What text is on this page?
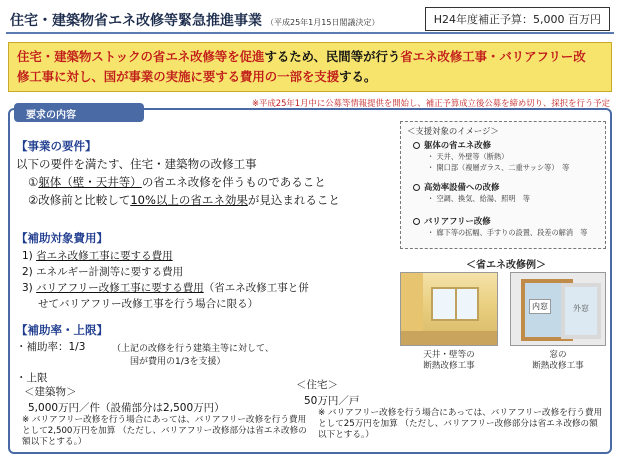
住宅・建築物省エネ改修等緊急推進事業 （平成25年1月15日閣議決定）	H24年度補正予算：5,000 百万円

住宅・建築物ストックの省エネ改修等を促進するため、民間等が行う省エネ改修工事・バリアフリー改

修工事に対し、国が事業の実施に要する費用の一部を支援する。

※平成25年1月中に公募等情報提供を開始し、補正予算成立後公募を締め切り、採択を行う予定
要求の内容
【事業の要件】
以下の要件を満たす、住宅・建築物の改修工事
①躯体（壁・天井等）の省エネ改修を伴うものであること
②改修前と比較して10%以上の省エネ効果が見込まれること
【補助対象費用】
1) 省エネ改修工事に要する費用
2) エネルギー計測等に要する費用
3) バリアフリー改修工事に要する費用（省エネ改修工事と併
せてバリアフリー改修工事を行う場合に限る）
【補助率・上限】
・補助率：1/3	（上記の改修を行う建築主等に対して、
国が費用の1/3を支援）
・上限
＜建築物＞
5,000万円／件（設備部分は2,500万円）
※ バリアフリー改修を行う場合にあっては、バリアフリー改修を行う費用として2,500万円を加算 （ただし、バリアフリー改修部分は省エネ改修の額以下とする。）
＜住宅＞
50万円／戸
※ バリアフリー改修を行う場合にあっては、バリアフリー改修を行う費用として25万円を加算 （ただし、バリアフリー改修部分は省エネ改修の額以下とする。）
＜支援対象のイメージ＞
躯体の省エネ改修
・ 天井、外壁等（断熱）
・ 開口部（複層ガラス、二重サッシ等）　等
高効率設備への改修
・ 空調、換気、給湯、照明　等
バリアフリー改修
・ 廊下等の拡幅、手すりの設置、段差の解消　等
＜省エネ改修例＞
内窓	外窓
天井・壁等の
断熱改修工事
窓の
断熱改修工事
